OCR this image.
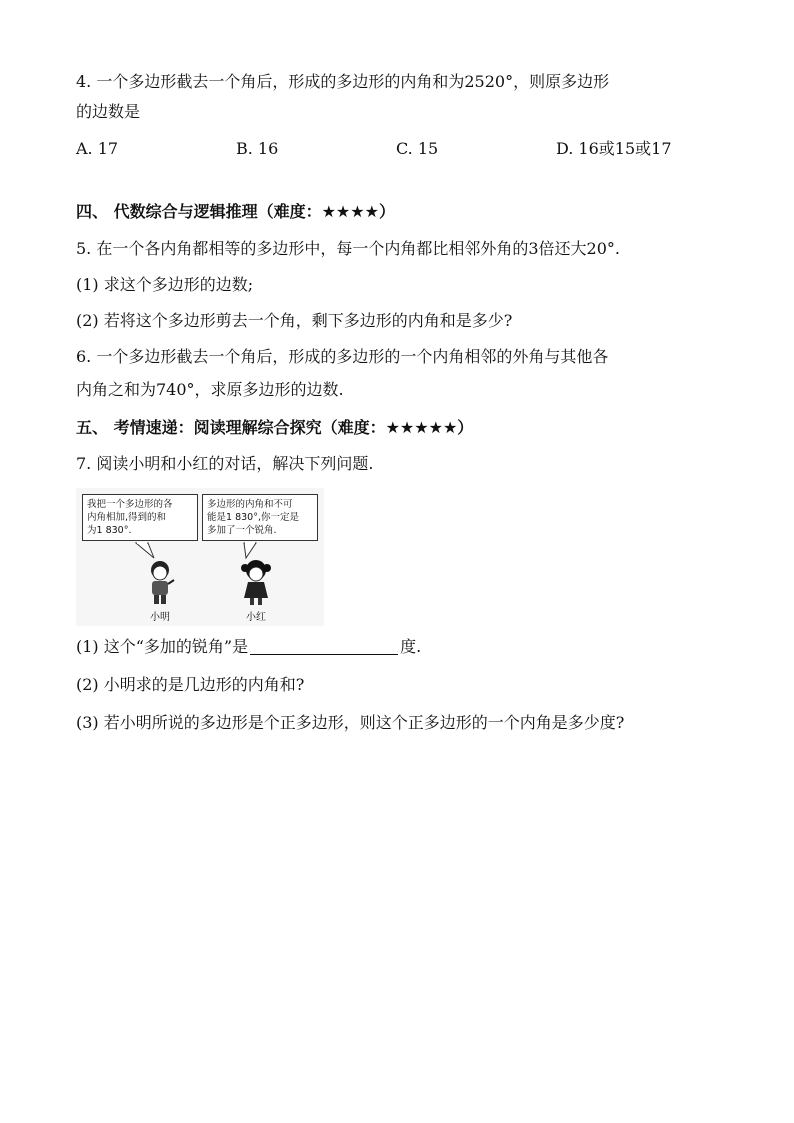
4. 一个多边形截去一个角后，形成的多边形的内角和为2520°，则原多边形
的边数是
A. 17	B. 16	C. 15	D. 16或15或17
四、 代数综合与逻辑推理（难度：★★★★）
5. 在一个各内角都相等的多边形中，每一个内角都比相邻外角的3倍还大20°.
(1) 求这个多边形的边数;
(2) 若将这个多边形剪去一个角，剩下多边形的内角和是多少?
6. 一个多边形截去一个角后，形成的多边形的一个内角相邻的外角与其他各
内角之和为740°，求原多边形的边数.
五、 考情速递：阅读理解综合探究（难度：★★★★★）
7. 阅读小明和小红的对话，解决下列问题.
我把一个多边形的各
内角相加,得到的和
为1 830°.
多边形的内角和不可
能是1 830°,你一定是
多加了一个锐角.
小明	小红
(1) 这个“多加的锐角”是	度.
(2) 小明求的是几边形的内角和?
(3) 若小明所说的多边形是个正多边形，则这个正多边形的一个内角是多少度?
